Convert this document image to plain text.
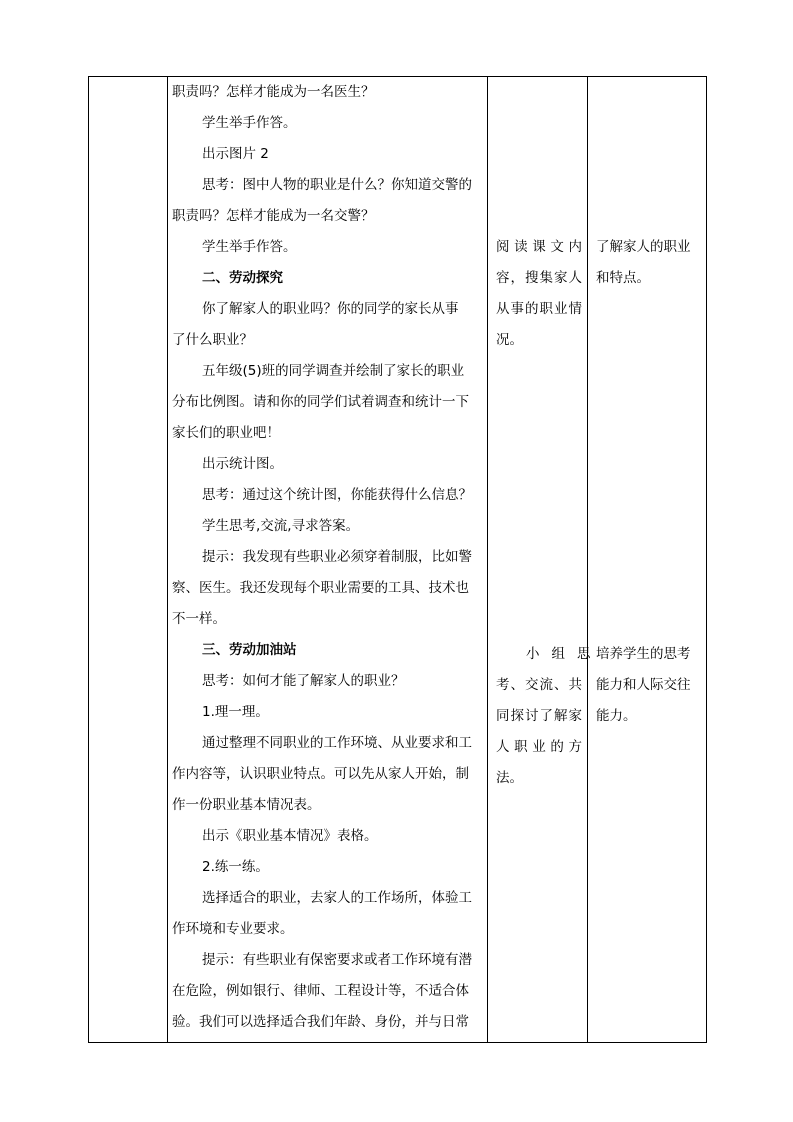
职责吗？怎样才能成为一名医生？

学生举手作答。

出示图片 2

思考：图中人物的职业是什么？你知道交警的

职责吗？怎样才能成为一名交警？

学生举手作答。

二、劳动探究

你了解家人的职业吗？你的同学的家长从事

了什么职业？

五年级(5)班的同学调查并绘制了家长的职业

分布比例图。请和你的同学们试着调查和统计一下

家长们的职业吧！

出示统计图。

思考：通过这个统计图，你能获得什么信息？

学生思考,交流,寻求答案。

提示：我发现有些职业必须穿着制服，比如警

察、医生。我还发现每个职业需要的工具、技术也

不一样。

三、劳动加油站

思考：如何才能了解家人的职业？

1.理一理。

通过整理不同职业的工作环境、从业要求和工

作内容等，认识职业特点。可以先从家人开始，制

作一份职业基本情况表。

出示《职业基本情况》表格。

2.练一练。

选择适合的职业，去家人的工作场所，体验工

作环境和专业要求。

提示：有些职业有保密要求或者工作环境有潜

在危险，例如银行、律师、工程设计等，不适合体

验。我们可以选择适合我们年龄、身份，并与日常

阅读课文内

容，搜集家人

从事的职业情

况。

小组思

考、交流、共

同探讨了解家

人职业的方

法。

了解家人的职业

和特点。

培养学生的思考

能力和人际交往

能力。
